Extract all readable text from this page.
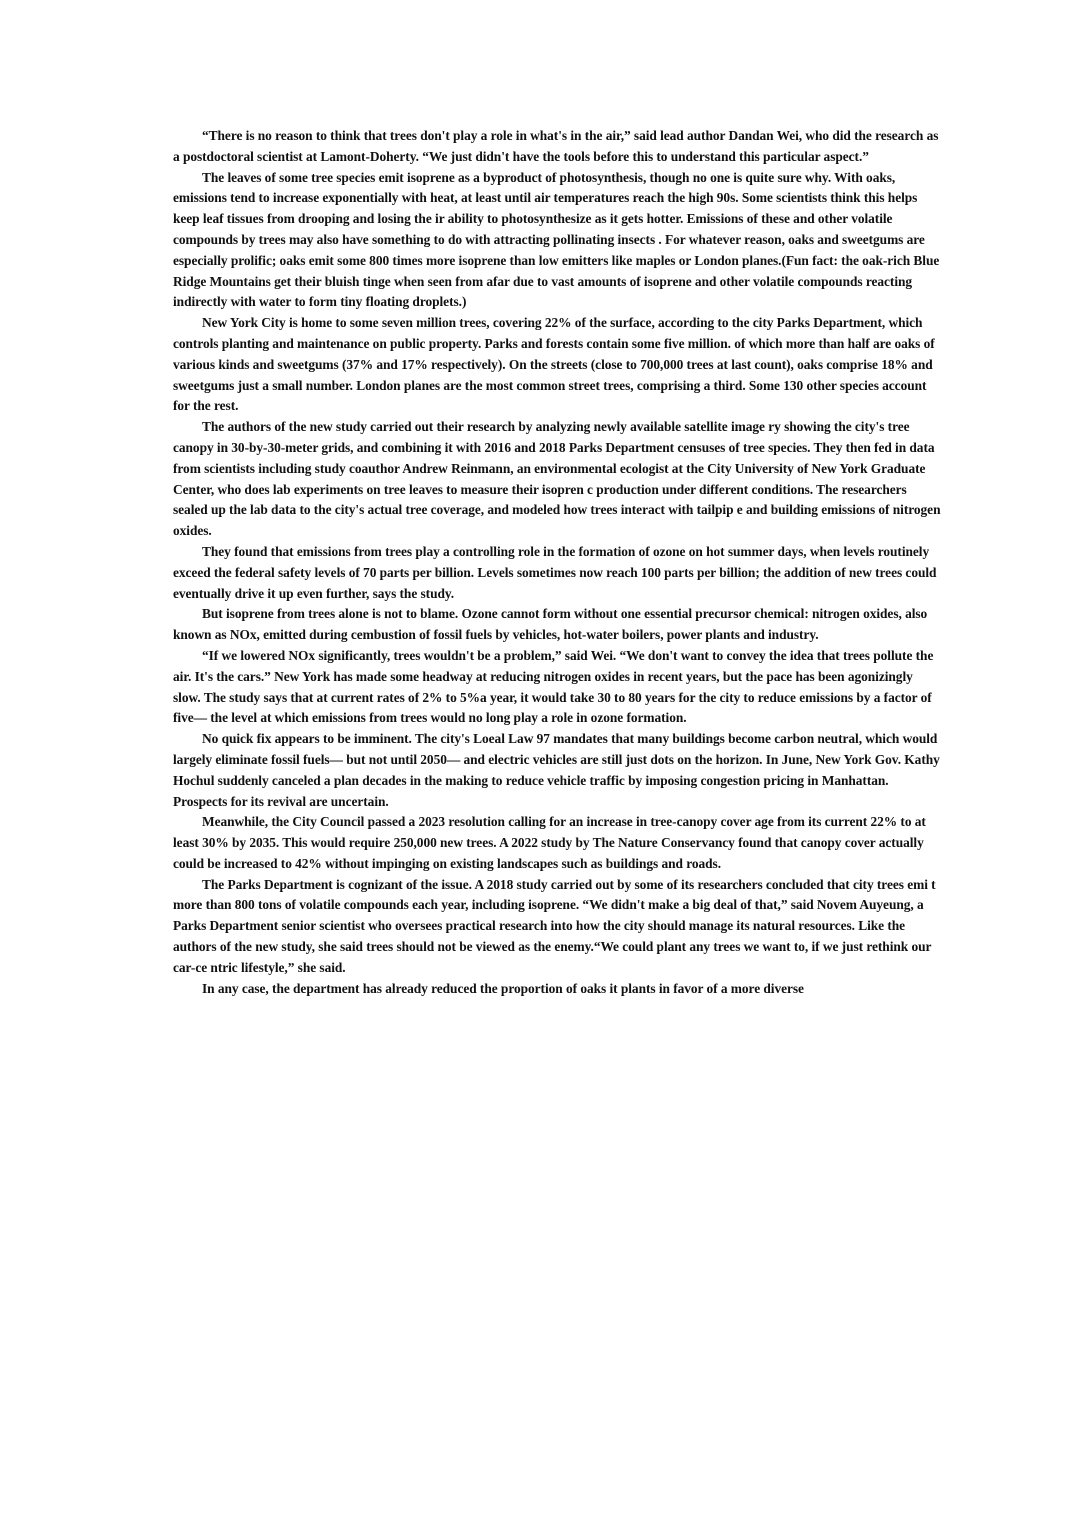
“There is no reason to think that trees don't play a role in what's in the air,” said lead author Dandan Wei, who did the research as a postdoctoral scientist at Lamont-Doherty. “We just didn't have the tools before this to understand this particular aspect.”

The leaves of some tree species emit isoprene as a byproduct of photosynthesis, though no one is quite sure why. With oaks, emissions tend to increase exponentially with heat, at least until air temperatures reach the high 90s. Some scientists think this helps keep leaf tissues from drooping and losing the ir ability to photosynthesize as it gets hotter. Emissions of these and other volatile compounds by trees may also have something to do with attracting pollinating insects . For whatever reason, oaks and sweetgums are especially prolific; oaks emit some 800 times more isoprene than low emitters like maples or London planes.(Fun fact: the oak-rich Blue Ridge Mountains get their bluish tinge when seen from afar due to vast amounts of isoprene and other volatile compounds reacting indirectly with water to form tiny floating droplets.)

New York City is home to some seven million trees, covering 22% of the surface, according to the city Parks Department, which controls planting and maintenance on public property. Parks and forests contain some five million. of which more than half are oaks of various kinds and sweetgums (37% and 17% respectively). On the streets (close to 700,000 trees at last count), oaks comprise 18% and sweetgums just a small number. London planes are the most common street trees, comprising a third. Some 130 other species account for the rest.

The authors of the new study carried out their research by analyzing newly available satellite image ry showing the city's tree canopy in 30-by-30-meter grids, and combining it with 2016 and 2018 Parks Department censuses of tree species. They then fed in data from scientists including study coauthor Andrew Reinmann, an environmental ecologist at the City University of New York Graduate Center, who does lab experiments on tree leaves to measure their isopren c production under different conditions. The researchers sealed up the lab data to the city's actual tree coverage, and modeled how trees interact with tailpip e and building emissions of nitrogen oxides.

They found that emissions from trees play a controlling role in the formation of ozone on hot summer days, when levels routinely exceed the federal safety levels of 70 parts per billion. Levels sometimes now reach 100 parts per billion; the addition of new trees could eventually drive it up even further, says the study.

But isoprene from trees alone is not to blame. Ozone cannot form without one essential precursor chemical: nitrogen oxides, also known as NOx, emitted during cembustion of fossil fuels by vehicles, hot-water boilers, power plants and industry.

“If we lowered NOx significantly, trees wouldn't be a problem,” said Wei. “We don't want to convey the idea that trees pollute the air. It's the cars.” New York has made some headway at reducing nitrogen oxides in recent years, but the pace has been agonizingly slow. The study says that at current rates of 2% to 5%a year, it would take 30 to 80 years for the city to reduce emissions by a factor of five— the level at which emissions from trees would no long play a role in ozone formation.

No quick fix appears to be imminent. The city's Loeal Law 97 mandates that many buildings become carbon neutral, which would largely eliminate fossil fuels— but not until 2050— and electric vehicles are still just dots on the horizon. In June, New York Gov. Kathy Hochul suddenly canceled a plan decades in the making to reduce vehicle traffic by imposing congestion pricing in Manhattan. Prospects for its revival are uncertain.

Meanwhile, the City Council passed a 2023 resolution calling for an increase in tree-canopy cover age from its current 22% to at least 30% by 2035. This would require 250,000 new trees. A 2022 study by The Nature Conservancy found that canopy cover actually could be increased to 42% without impinging on existing landscapes such as buildings and roads.

The Parks Department is cognizant of the issue. A 2018 study carried out by some of its researchers concluded that city trees emi t more than 800 tons of volatile compounds each year, including isoprene. “We didn't make a big deal of that,” said Novem Auyeung, a Parks Department senior scientist who oversees practical research into how the city should manage its natural resources. Like the authors of the new study, she said trees should not be viewed as the enemy.“We could plant any trees we want to, if we just rethink our car-ce ntric lifestyle,” she said.

In any case, the department has already reduced the proportion of oaks it plants in favor of a more diverse
